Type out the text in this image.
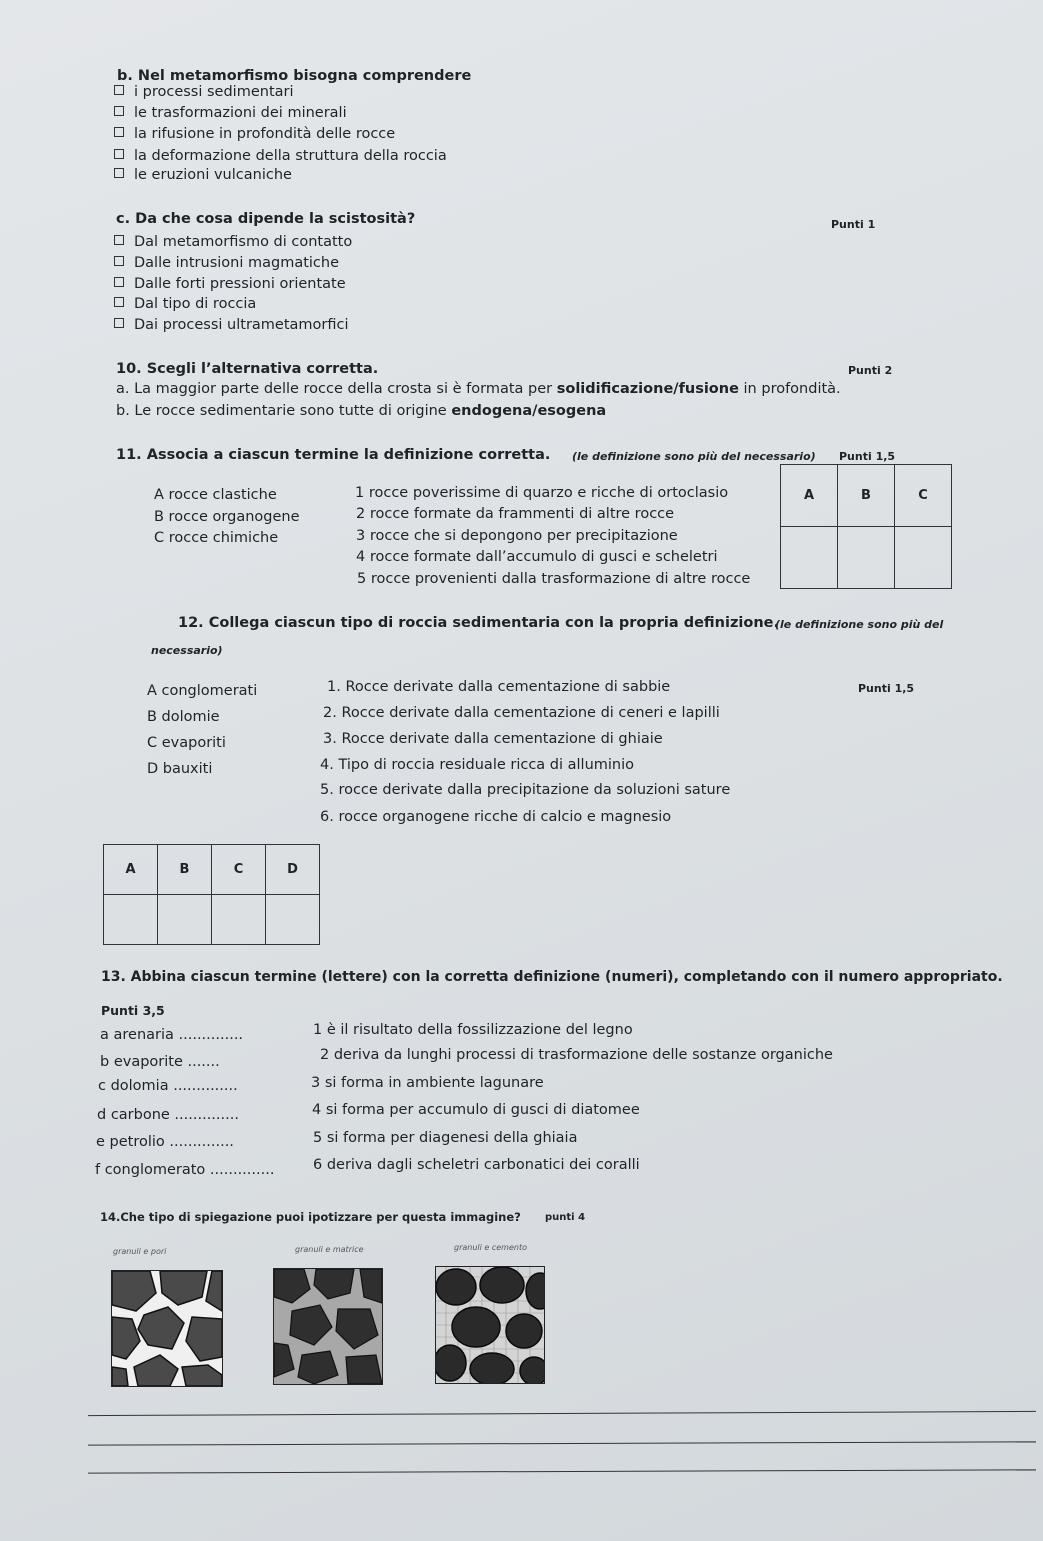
b. Nel metamorfismo bisogna comprendere
i processi sedimentari
le trasformazioni dei minerali
la rifusione in profondità delle rocce
la deformazione della struttura della roccia
le eruzioni vulcaniche
c. Da che cosa dipende la scistosità?	Punti 1
Dal metamorfismo di contatto
Dalle intrusioni magmatiche
Dalle forti pressioni orientate
Dal tipo di roccia
Dai processi ultrametamorfici
10. Scegli l’alternativa corretta.	Punti 2
a. La maggior parte delle rocce della crosta si è formata per solidificazione/fusione in profondità.
b. Le rocce sedimentarie sono tutte di origine endogena/esogena
11. Associa a ciascun termine la definizione corretta. (le definizione sono più del necessario) Punti 1,5
A rocce clastiche
B rocce organogene
C rocce chimiche
1 rocce poverissime di quarzo e ricche di ortoclasio
2 rocce formate da frammenti di altre rocce
3 rocce che si depongono per precipitazione
4 rocce formate dall’accumulo di gusci e scheletri
5 rocce provenienti dalla trasformazione di altre rocce
A	B	C

12. Collega ciascun tipo di roccia sedimentaria con la propria definizione.
(le definizione sono più del
necessario)
Punti 1,5
A conglomerati
B dolomie
C evaporiti
D bauxiti
1. Rocce derivate dalla cementazione di sabbie
2. Rocce derivate dalla cementazione di ceneri e lapilli
3. Rocce derivate dalla cementazione di ghiaie
4. Tipo di roccia residuale ricca di alluminio
5. rocce derivate dalla precipitazione da soluzioni sature
6. rocce organogene ricche di calcio e magnesio
A	B	C	D

13. Abbina ciascun termine (lettere) con la corretta definizione (numeri), completando con il numero appropriato.
Punti 3,5
a arenaria ..............
b evaporite .......
c dolomia ..............
d carbone ..............
e petrolio ..............
f conglomerato ..............
1 è il risultato della fossilizzazione del legno
2 deriva da lunghi processi di trasformazione delle sostanze organiche
3 si forma in ambiente lagunare
4 si forma per accumulo di gusci di diatomee
5 si forma per diagenesi della ghiaia
6 deriva dagli scheletri carbonatici dei coralli
14.Che tipo di spiegazione puoi ipotizzare per questa immagine? punti 4
granuli e pori	granuli e matrice	granuli e cemento
